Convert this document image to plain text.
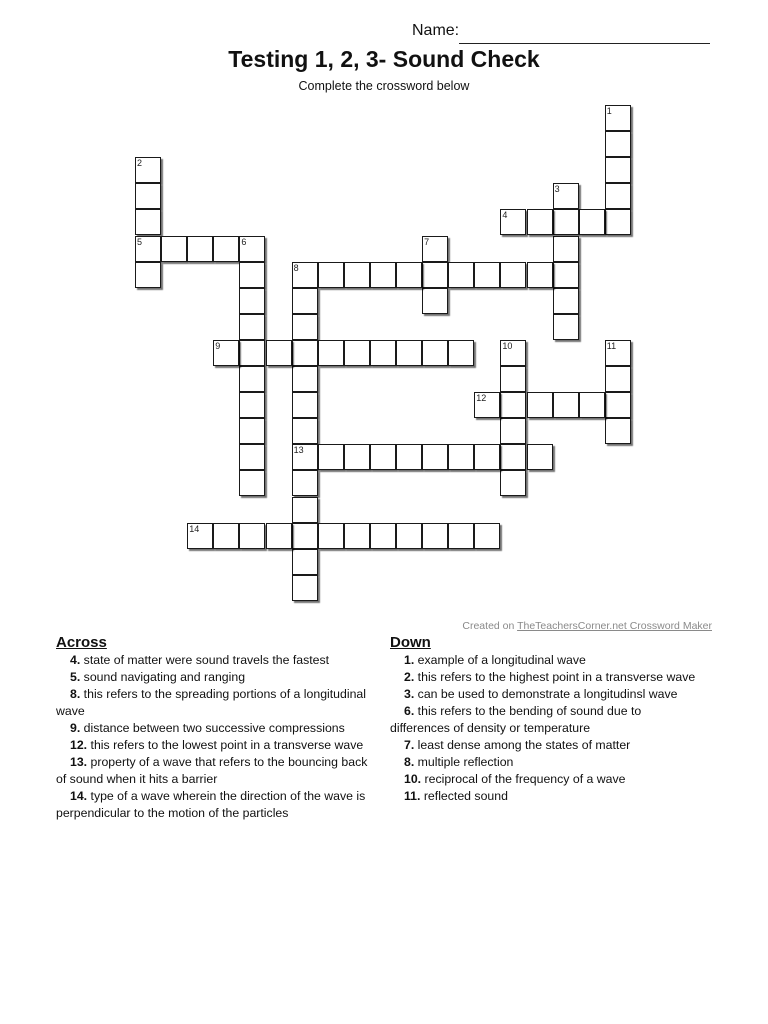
Name:
Testing 1, 2, 3- Sound Check
Complete the crossword below
1
2
5
3
4
6	7
8
13
9	10	11
12
14
Created on TheTeachersCorner.net Crossword Maker
Across
4. state of matter were sound travels the fastest
5. sound navigating and ranging
8. this refers to the spreading portions of a longitudinal
wave
9. distance between two successive compressions
12. this refers to the lowest point in a transverse wave
13. property of a wave that refers to the bouncing back
of sound when it hits a barrier
14. type of a wave wherein the direction of the wave is
perpendicular to the motion of the particles
Down
1. example of a longitudinal wave
2. this refers to the highest point in a transverse wave
3. can be used to demonstrate a longitudinsl wave
6. this refers to the bending of sound due to
differences of density or temperature
7. least dense among the states of matter
8. multiple reflection
10. reciprocal of the frequency of a wave
11. reflected sound
